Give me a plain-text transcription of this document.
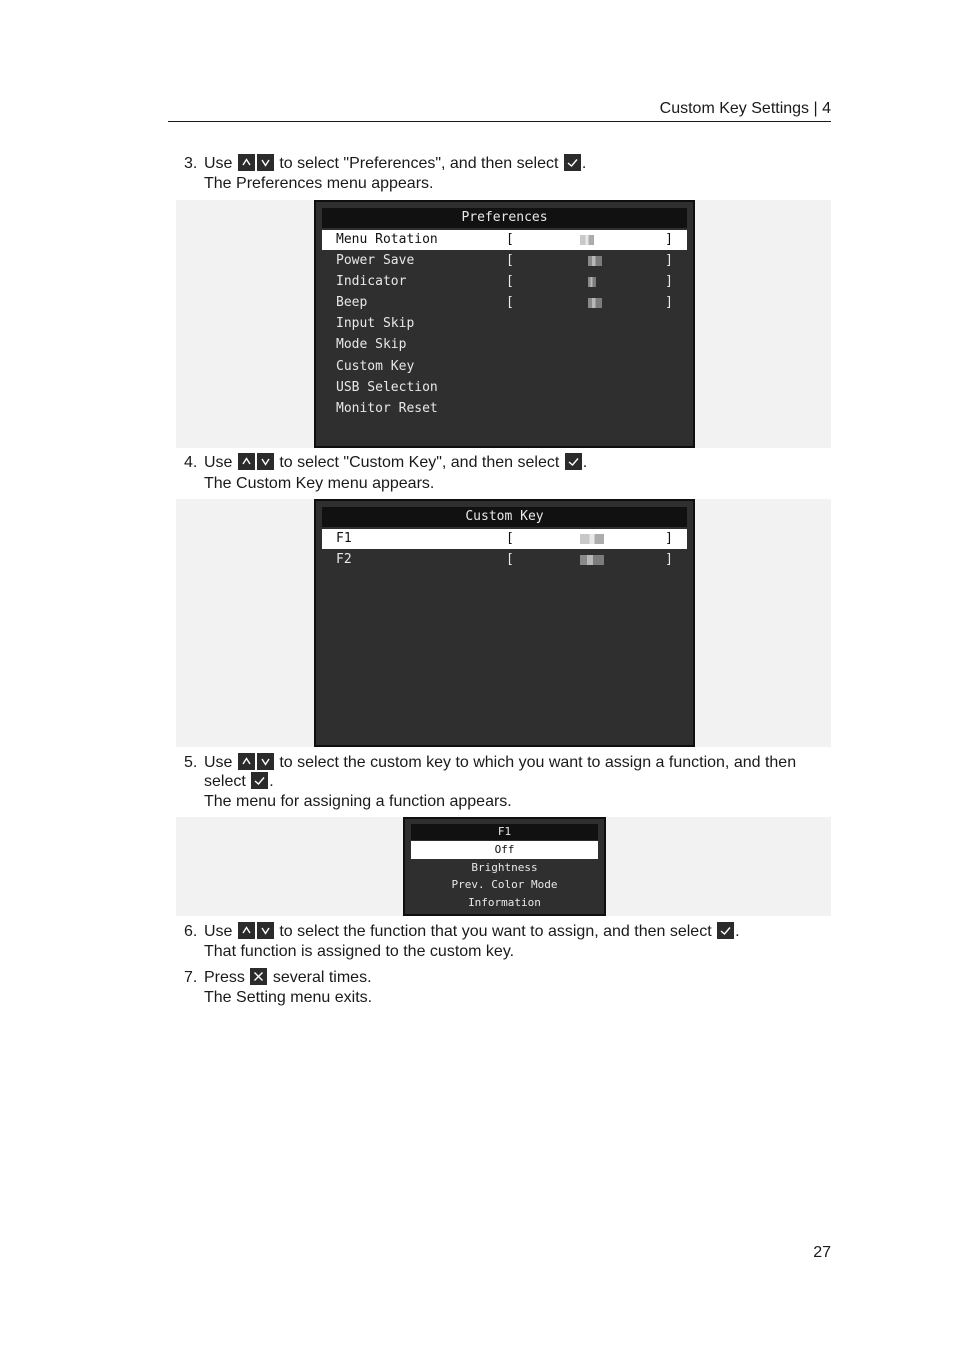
Custom Key Settings | 4
3. Use	to select "Preferences", and then select .
The Preferences menu appears.
Preferences
Menu Rotation	[	]
Power Save	[	]
Indicator	[	]
Beep	[	]
Input Skip
Mode Skip
Custom Key
USB Selection
Monitor Reset
4. Use	to select "Custom Key", and then select .
The Custom Key menu appears.
Custom Key
F1	[	]
F2	[	]
5. Use	to select the custom key to which you want to assign a function, and then
select .
The menu for assigning a function appears.
F1
Off
Brightness
Prev. Color Mode
Information
6. Use	to select the function that you want to assign, and then select .
That function is assigned to the custom key.
7. Press several times.
The Setting menu exits.
27
